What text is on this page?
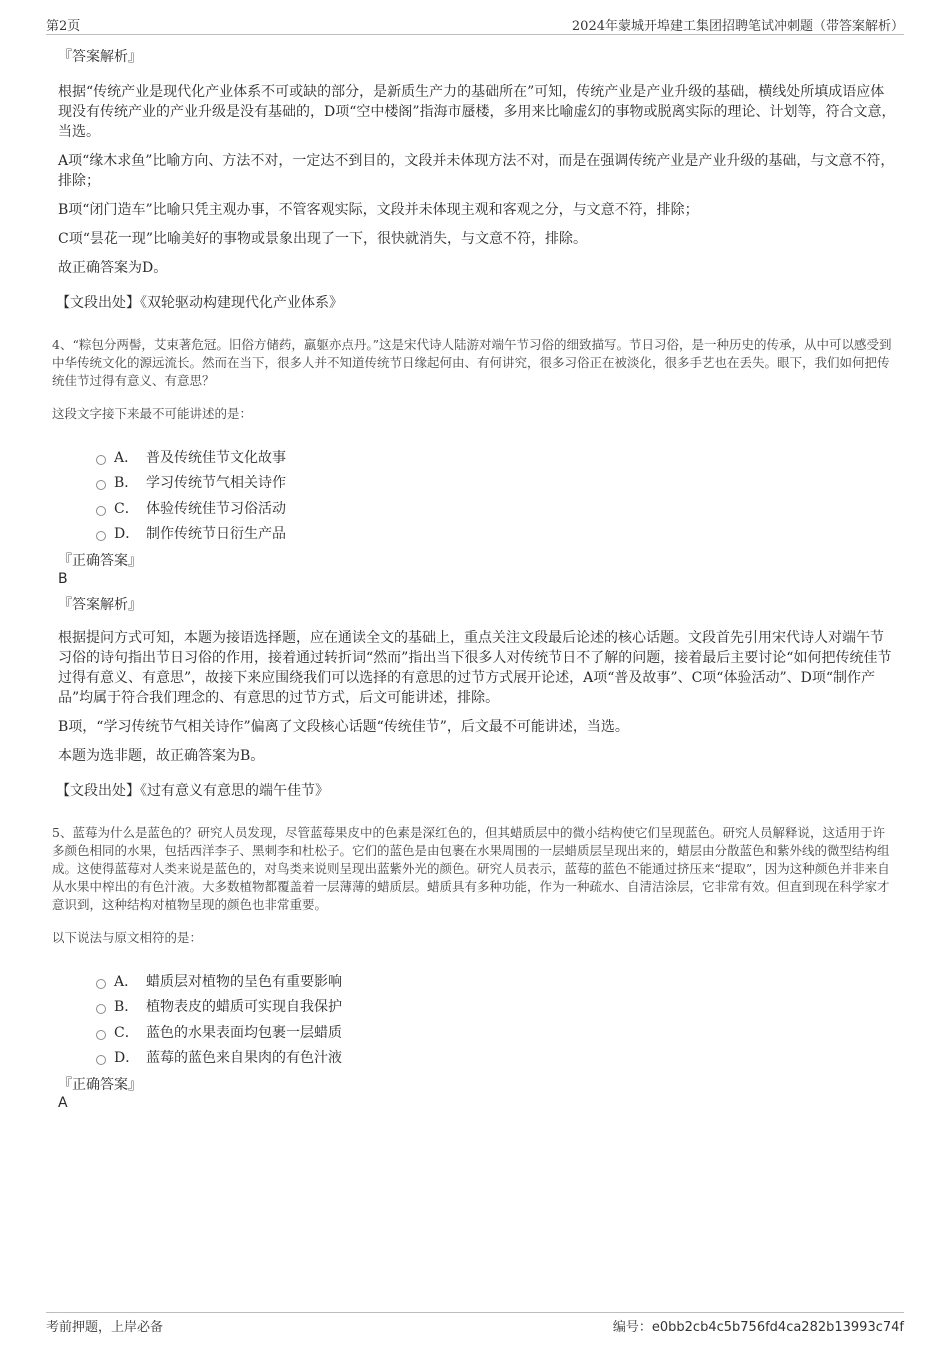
第2页	2024年蒙城开埠建工集团招聘笔试冲刺题（带答案解析）
『答案解析』

根据“传统产业是现代化产业体系不可或缺的部分，是新质生产力的基础所在”可知，传统产业是产业升级的基础，横线处所填成语应体现没有传统产业的产业升级是没有基础的，D项“空中楼阁”指海市蜃楼，多用来比喻虚幻的事物或脱离实际的理论、计划等，符合文意，当选。

A项“缘木求鱼”比喻方向、方法不对，一定达不到目的，文段并未体现方法不对，而是在强调传统产业是产业升级的基础，与文意不符，排除；

B项“闭门造车”比喻只凭主观办事，不管客观实际，文段并未体现主观和客观之分，与文意不符，排除；

C项“昙花一现”比喻美好的事物或景象出现了一下，很快就消失，与文意不符，排除。

故正确答案为D。

【文段出处】《双轮驱动构建现代化产业体系》

4、“粽包分两髻，艾束著危冠。旧俗方储药，羸躯亦点丹。”这是宋代诗人陆游对端午节习俗的细致描写。节日习俗，是一种历史的传承，从中可以感受到中华传统文化的源远流长。然而在当下，很多人并不知道传统节日缘起何由、有何讲究，很多习俗正在被淡化，很多手艺也在丢失。眼下，我们如何把传统佳节过得有意义、有意思？

这段文字接下来最不可能讲述的是：

A． 普及传统佳节文化故事
B． 学习传统节气相关诗作
C． 体验传统佳节习俗活动
D． 制作传统节日衍生产品
『正确答案』
B
『答案解析』

根据提问方式可知，本题为接语选择题，应在通读全文的基础上，重点关注文段最后论述的核心话题。文段首先引用宋代诗人对端午节习俗的诗句指出节日习俗的作用，接着通过转折词“然而”指出当下很多人对传统节日不了解的问题，接着最后主要讨论“如何把传统佳节过得有意义、有意思”，故接下来应围绕我们可以选择的有意思的过节方式展开论述，A项“普及故事”、C项“体验活动”、D项“制作产品”均属于符合我们理念的、有意思的过节方式，后文可能讲述，排除。

B项，“学习传统节气相关诗作”偏离了文段核心话题“传统佳节”，后文最不可能讲述，当选。

本题为选非题，故正确答案为B。

【文段出处】《过有意义有意思的端午佳节》

5、蓝莓为什么是蓝色的？研究人员发现，尽管蓝莓果皮中的色素是深红色的，但其蜡质层中的微小结构使它们呈现蓝色。研究人员解释说，这适用于许多颜色相同的水果，包括西洋李子、黑刺李和杜松子。它们的蓝色是由包裹在水果周围的一层蜡质层呈现出来的，蜡层由分散蓝色和紫外线的微型结构组成。这使得蓝莓对人类来说是蓝色的，对鸟类来说则呈现出蓝紫外光的颜色。研究人员表示，蓝莓的蓝色不能通过挤压来“提取”，因为这种颜色并非来自从水果中榨出的有色汁液。大多数植物都覆盖着一层薄薄的蜡质层。蜡质具有多种功能，作为一种疏水、自清洁涂层，它非常有效。但直到现在科学家才意识到，这种结构对植物呈现的颜色也非常重要。

以下说法与原文相符的是：

A． 蜡质层对植物的呈色有重要影响
B． 植物表皮的蜡质可实现自我保护
C． 蓝色的水果表面均包裹一层蜡质
D． 蓝莓的蓝色来自果肉的有色汁液
『正确答案』
A
考前押题，上岸必备	编号：e0bb2cb4c5b756fd4ca282b13993c74f
